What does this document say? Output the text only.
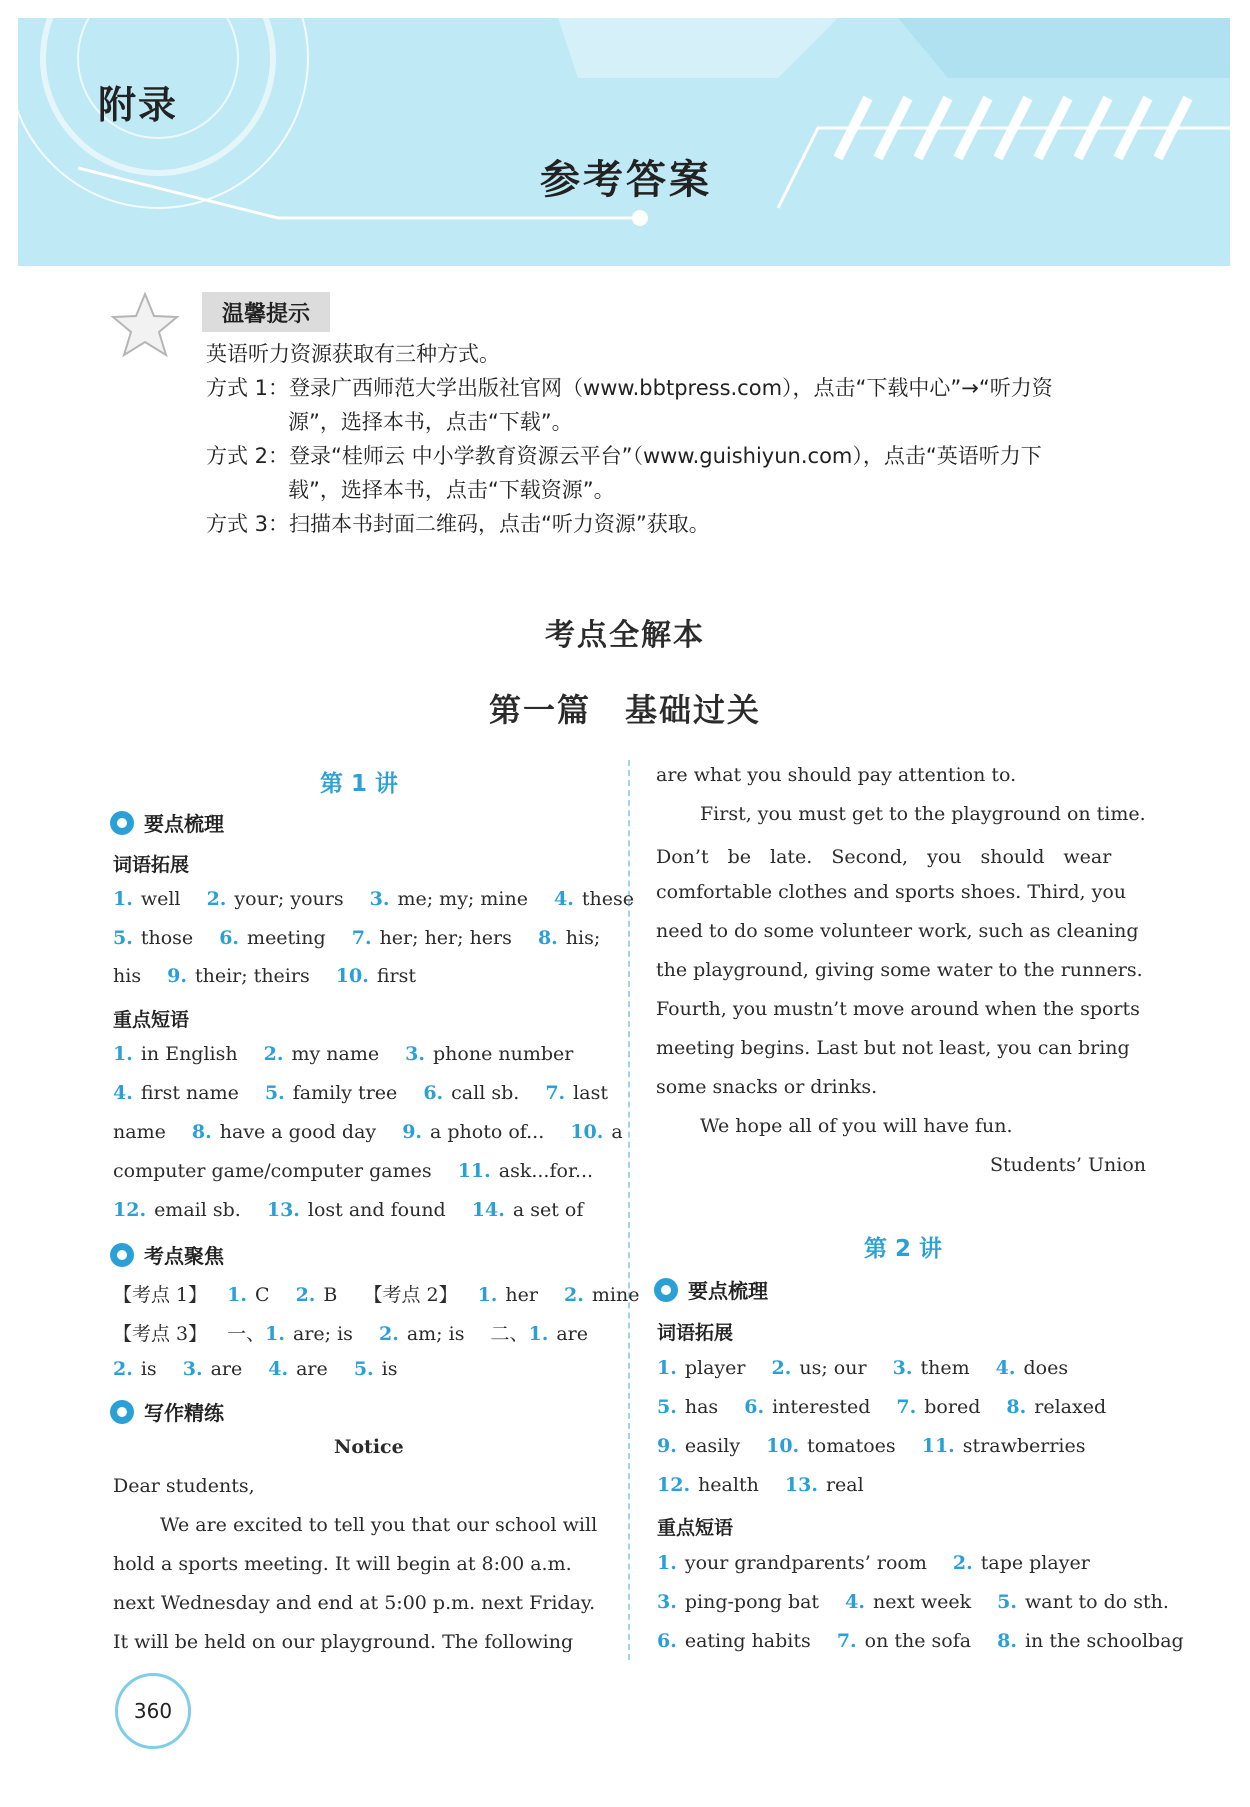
附录
参考答案
温馨提示
英语听力资源获取有三种方式。
方式 1：登录广西师范大学出版社官网（www.bbtpress.com），点击“下载中心”→“听力资
源”，选择本书，点击“下载”。
方式 2：登录“桂师云 中小学教育资源云平台”（www.guishiyun.com），点击“英语听力下
载”，选择本书，点击“下载资源”。
方式 3：扫描本书封面二维码，点击“听力资源”获取。
考点全解本
第一篇　基础过关
第 1 讲
要点梳理
词语拓展
1. well 2. your; yours 3. me; my; mine 4. these
5. those 6. meeting 7. her; her; hers 8. his;
his 9. their; theirs 10. first
重点短语
1. in English 2. my name 3. phone number
4. first name 5. family tree 6. call sb. 7. last
name 8. have a good day 9. a photo of... 10. a
computer game/computer games 11. ask...for...
12. email sb. 13. lost and found 14. a set of
考点聚焦
【考点 1】 1. C 2. B 【考点 2】 1. her 2. mine
【考点 3】 一、1. are; is 2. am; is 二、1. are
2. is 3. are 4. are 5. is
写作精练
Notice
Dear students,
We are excited to tell you that our school will
hold a sports meeting. It will begin at 8:00 a.m.
next Wednesday and end at 5:00 p.m. next Friday.
It will be held on our playground. The following
are what you should pay attention to.
First, you must get to the playground on time.
Don’t　be　late.　Second,　you　should　wear
comfortable clothes and sports shoes. Third, you
need to do some volunteer work, such as cleaning
the playground, giving some water to the runners.
Fourth, you mustn’t move around when the sports
meeting begins. Last but not least, you can bring
some snacks or drinks.
We hope all of you will have fun.
Students’ Union
第 2 讲
要点梳理
词语拓展
1. player 2. us; our 3. them 4. does
5. has 6. interested 7. bored 8. relaxed
9. easily 10. tomatoes 11. strawberries
12. health 13. real
重点短语
1. your grandparents’ room 2. tape player
3. ping-pong bat 4. next week 5. want to do sth.
6. eating habits 7. on the sofa 8. in the schoolbag
360
